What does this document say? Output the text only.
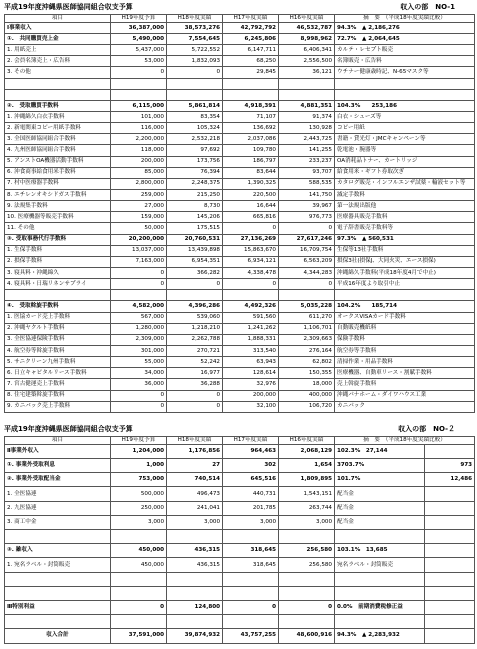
平成19年度沖縄県医師協同組合収支予算	収入の部　NO-1
項目	H19年度予算	H18年度実績	H17年度実績	H16年度実績	摘　要　（平成18年度実績比較）
Ⅰ事業収入	36,387,000	38,573,276	42,792,792	46,532,787	94.3%　▲ 2,186,276
①.　共同購買売上金	5,490,000	7,554,645	6,245,806	8,998,962	72.7%　▲ 2,064,645
1. 用紙売上	5,437,000	5,722,552	6,147,711	6,406,341	カルテ・レセプト販売
2. 会員名簿売上・広告料	53,000	1,832,093	68,250	2,556,500	名簿販売・広告料
3. その他	0	0	29,845	36,121	ウチナー健康歳時記、N-65マスク等

②.　受取購買手数料	6,115,000	5,861,814	4,918,391	4,881,351	104.3%　　253,186
1. 沖縄綿久白衣手数料	101,000	83,354	71,107	91,374	白衣・シューズ等
2. 新電関東コピー用紙手数料	116,000	105,324	136,692	130,928	コピー用紙
3. 全国医師協同組合手数料	2,200,000	2,532,218	2,037,086	2,443,725	書籍・貸光灯・JMCキャンペーン等
4. 九州医師協同組合手数料	118,000	97,692	109,780	141,255	乾電池・腕器等
5. アンストOA機器活動手数料	200,000	173,756	186,797	233,237	OA消耗品トナー、カートリッジ
6. 沖食商事給食用米手数料	85,000	76,394	83,644	93,707	給食用米・ギフト券取次ぎ
7. 村中医療器手数料	2,800,000	2,248,375	1,390,325	588,535	カタログ販売・インフルエンザ試薬・輸液セット等
8. エチレンオキシドガス手数料	259,000	215,250	220,500	141,750	滅定手数料
9. 法規集手数料	27,000	8,730	16,644	39,967	第一法規出版他
10. 医療機器等販売手数料	159,000	145,206	665,816	976,773	医療器具販売手数料
11. その他	50,000	175,515	0	0	電子辞書販売手数料等
③. 受取事務代行手数料	20,200,000	20,760,531	27,136,269	27,617,246	97.3%　▲ 560,531
1. 生保手数料	13,037,000	13,439,898	15,863,670	16,709,754	生保等13社手数料
2. 損保手数料	7,163,000	6,954,351	6,934,121	6,563,209	損保3社(損保J、大同火災、エース損保)
3. 寝具料・沖縄綿久	0	366,282	4,338,478	4,344,283	沖縄綿久手数料(平成18年度4月で中止)
4. 寝具料・日瑞リネンサプライ	0	0	0	0	平成16年度より取引中止

④.　受取斡旋手数料	4,582,000	4,396,286	4,492,326	5,035,228	104.2%　　185,714
1. 医協カード売上手数料	567,000	539,060	591,560	611,270	オークスVISAカード手数料
2. 沖縄ヤクルト手数料	1,280,000	1,218,210	1,241,262	1,106,701	自動販売機紙料
3. 全医協連保険手数料	2,309,000	2,262,788	1,888,331	2,309,663	保険手数料
4. 航空券等斡旋手数料	301,000	270,721	313,540	276,164	航空券等手数料
5. サニクリーン九州手数料	55,000	52,242	63,943	62,802	清掃作業・用品手数料
6. 日立キャピタルリース手数料	34,000	16,977	128,614	150,355	医療機器、自動車リース・割賦手数料
7. 宮古健運売上手数料	36,000	36,288	32,976	18,000	売上斡旋手数料
8. 住宅建築斡旋手数料	0	0	200,000	400,000	沖縄パナホーム・ダイワハウス工業
9. カニバック売上手数料	0	0	32,100	106,720	カニパック
平成19年度沖縄県医師協同組合収支予算	収入の部　NO-２
項目	H19年度予算	H18年度実績	H17年度実績	H16年度実績	摘　要　（平成18年度実績比較）	
Ⅱ事業外収入	1,204,000	1,176,856	964,463	2,068,129	102.3%　27,144	
①. 事業外受取利息	1,000	27	302	1,654	3703.7%	973
②. 事業外受取配当金	753,000	740,514	645,516	1,809,895	101.7%	12,486
1. 全医協連	500,000	496,473	440,731	1,543,151	配当金	
2. 九医協連	250,000	241,041	201,785	263,744	配当金	
3. 商工中金	3,000	3,000	3,000	3,000	配当金	

③. 雑収入	450,000	436,315	318,645	256,580	103.1%　13,685	
1. 宛名ラベル・封筒販売	450,000	436,315	318,645	256,580	宛名ラベル・封筒販売	

Ⅲ特別利益	0	124,800	0	0	0.0%　前期消費税修正益	

収入合計	37,591,000	39,874,932	43,757,255	48,600,916	94.3%　▲ 2,283,932	
